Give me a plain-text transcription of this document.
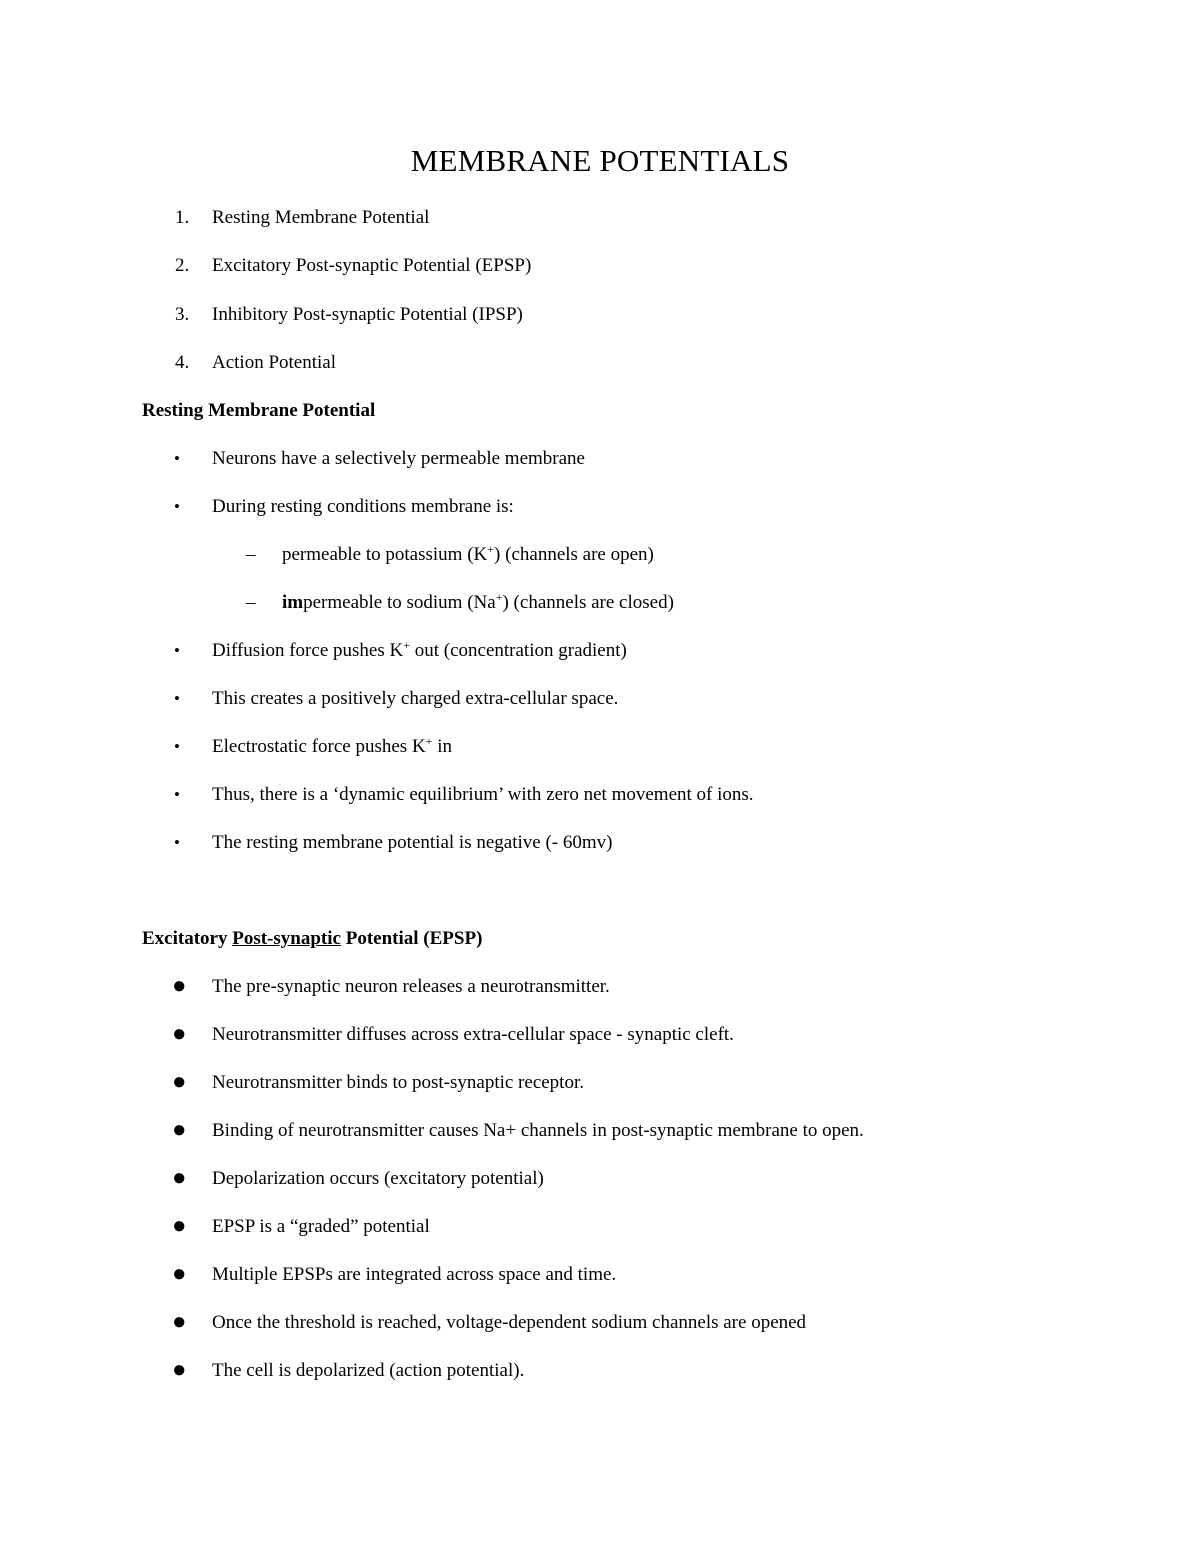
MEMBRANE POTENTIALS
1. Resting Membrane Potential
2. Excitatory Post-synaptic Potential (EPSP)
3. Inhibitory Post-synaptic Potential (IPSP)
4. Action Potential
Resting Membrane Potential
• Neurons have a selectively permeable membrane
• During resting conditions membrane is:
– permeable to potassium (K+) (channels are open)
– impermeable to sodium (Na+) (channels are closed)
• Diffusion force pushes K+ out (concentration gradient)
• This creates a positively charged extra-cellular space.
• Electrostatic force pushes K+ in
• Thus, there is a ‘dynamic equilibrium’ with zero net movement of ions.
• The resting membrane potential is negative (- 60mv)
Excitatory Post-synaptic Potential (EPSP)
● The pre-synaptic neuron releases a neurotransmitter.
● Neurotransmitter diffuses across extra-cellular space - synaptic cleft.
● Neurotransmitter binds to post-synaptic receptor.
● Binding of neurotransmitter causes Na+ channels in post-synaptic membrane to open.
● Depolarization occurs (excitatory potential)
● EPSP is a “graded” potential
● Multiple EPSPs are integrated across space and time.
● Once the threshold is reached, voltage-dependent sodium channels are opened
● The cell is depolarized (action potential).
